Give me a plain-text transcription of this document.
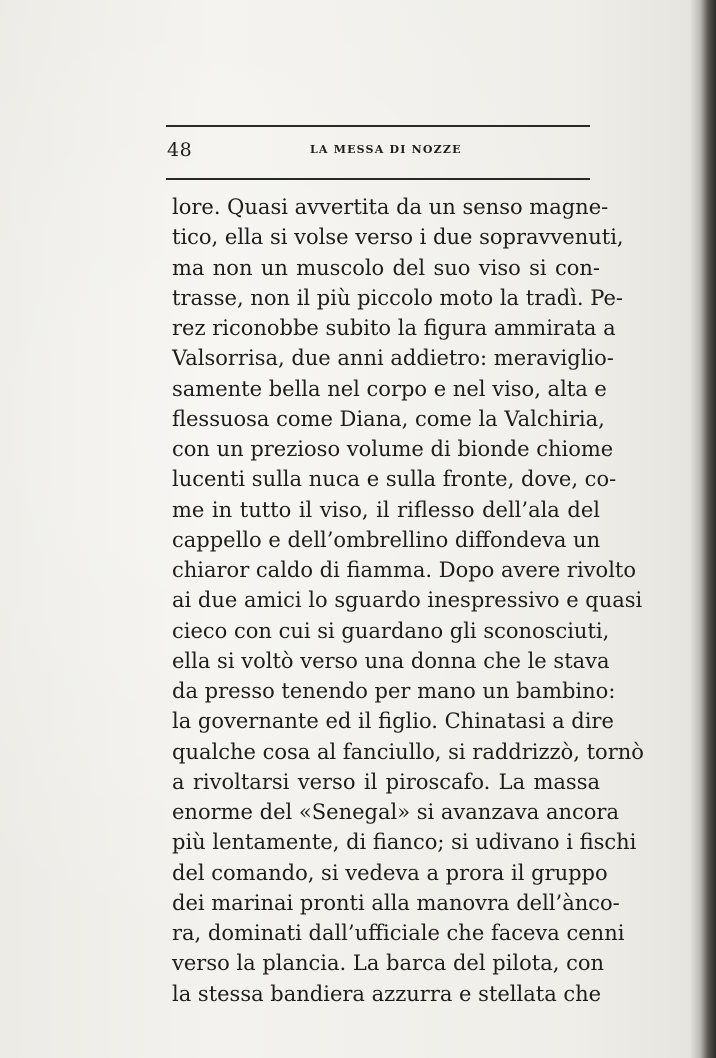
48	LA MESSA DI NOZZE
lore. Quasi avvertita da un senso magne-
tico, ella si volse verso i due sopravvenuti,
ma non un muscolo del suo viso si con-
trasse, non il più piccolo moto la tradì. Pe-
rez riconobbe subito la figura ammirata a
Valsorrisa, due anni addietro: meraviglio-
samente bella nel corpo e nel viso, alta e
flessuosa come Diana, come la Valchiria,
con un prezioso volume di bionde chiome
lucenti sulla nuca e sulla fronte, dove, co-
me in tutto il viso, il riflesso dell’ala del
cappello e dell’ombrellino diffondeva un
chiaror caldo di fiamma. Dopo avere rivolto
ai due amici lo sguardo inespressivo e quasi
cieco con cui si guardano gli sconosciuti,
ella si voltò verso una donna che le stava
da presso tenendo per mano un bambino:
la governante ed il figlio. Chinatasi a dire
qualche cosa al fanciullo, si raddrizzò, tornò
a rivoltarsi verso il piroscafo. La massa
enorme del «Senegal» si avanzava ancora
più lentamente, di fianco; si udivano i fischi
del comando, si vedeva a prora il gruppo
dei marinai pronti alla manovra dell’àncο-
ra, dominati dall’ufficiale che faceva cenni
verso la plancia. La barca del pilota, con
la stessa bandiera azzurra e stellata che
